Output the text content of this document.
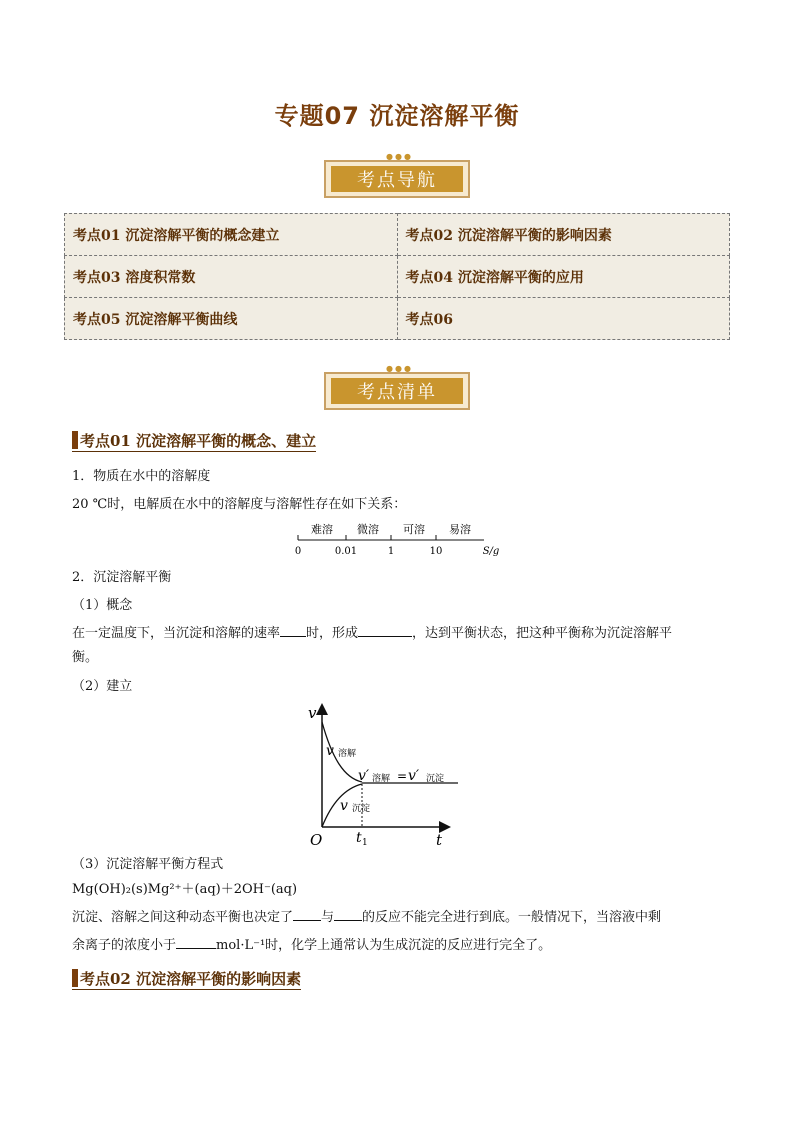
专题07 沉淀溶解平衡
●●●
考点导航
考点01 沉淀溶解平衡的概念建立	考点02 沉淀溶解平衡的影响因素
考点03 溶度积常数	考点04 沉淀溶解平衡的应用
考点05 沉淀溶解平衡曲线	考点06
●●●
考点清单
考点01 沉淀溶解平衡的概念、建立
1．物质在水中的溶解度
20 ℃时，电解质在水中的溶解度与溶解性存在如下关系：
难溶 微溶 可溶 易溶
0	0.01	1	10	S/g
2．沉淀溶解平衡
（1）概念
在一定温度下，当沉淀和溶解的速率 时，形成	，达到平衡状态，把这种平衡称为沉淀溶解平
衡。
（2）建立
v
t
O t 1
v 溶解
v 沉淀
v′ 溶解 = v′ 沉淀
（3）沉淀溶解平衡方程式
Mg(OH)₂(s)Mg²⁺＋(aq)＋2OH⁻(aq)
沉淀、溶解之间这种动态平衡也决定了 与 的反应不能完全进行到底。一般情况下，当溶液中剩
余离子的浓度小于	mol·L⁻¹时，化学上通常认为生成沉淀的反应进行完全了。
考点02 沉淀溶解平衡的影响因素
